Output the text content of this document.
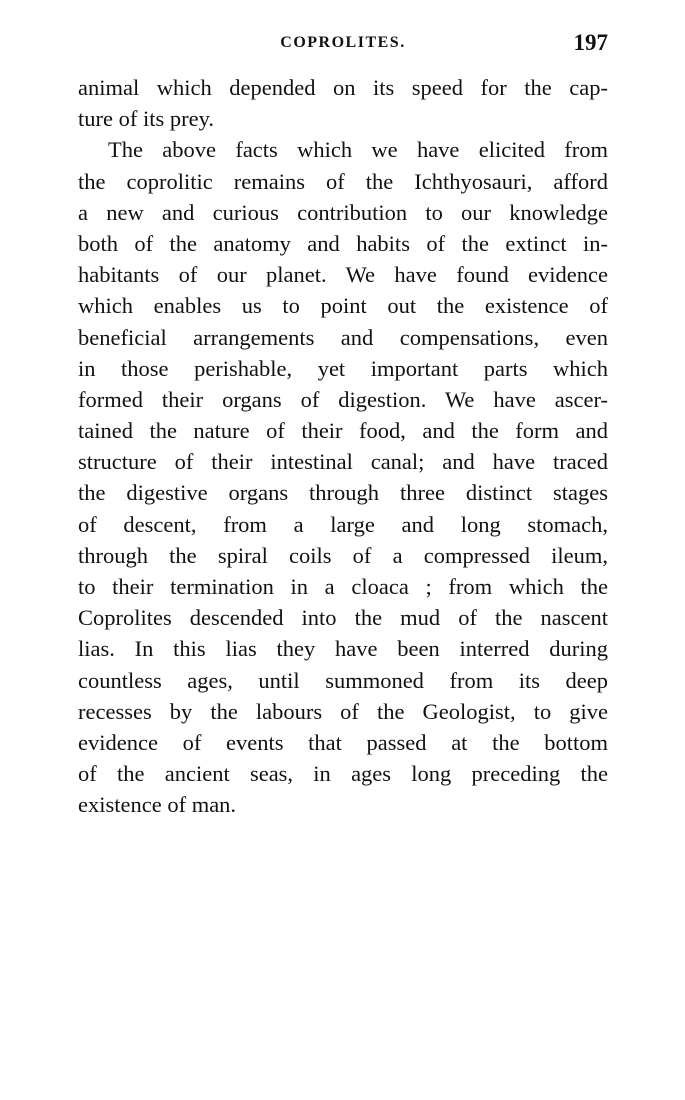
COPROLITES.	197
animal which depended on its speed for the cap-
ture of its prey.
The above facts which we have elicited from
the coprolitic remains of the Ichthyosauri, afford
a new and curious contribution to our knowledge
both of the anatomy and habits of the extinct in-
habitants of our planet. We have found evidence
which enables us to point out the existence of
beneficial arrangements and compensations, even
in those perishable, yet important parts which
formed their organs of digestion. We have ascer-
tained the nature of their food, and the form and
structure of their intestinal canal; and have traced
the digestive organs through three distinct stages
of descent, from a large and long stomach,
through the spiral coils of a compressed ileum,
to their termination in a cloaca ; from which the
Coprolites descended into the mud of the nascent
lias. In this lias they have been interred during
countless ages, until summoned from its deep
recesses by the labours of the Geologist, to give
evidence of events that passed at the bottom
of the ancient seas, in ages long preceding the
existence of man.
